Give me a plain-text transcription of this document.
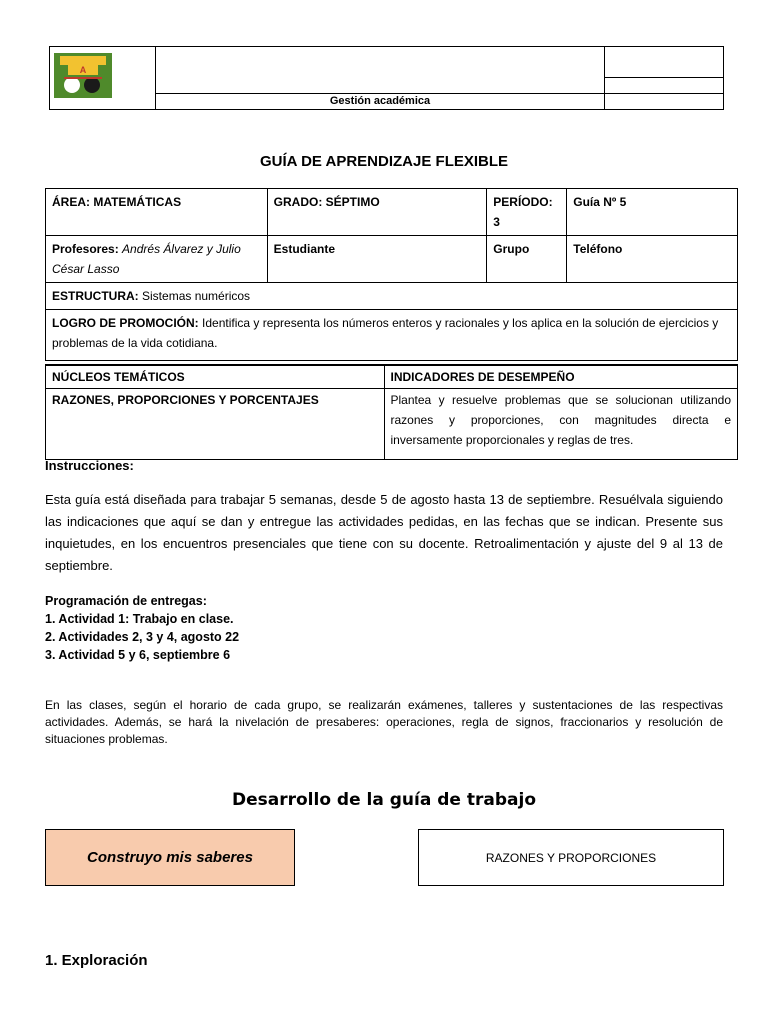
A		

	Gestión académica	
GUÍA DE APRENDIZAJE FLEXIBLE
ÁREA: MATEMÁTICAS	GRADO: SÉPTIMO	PERÍODO: 3	Guía Nº 5
Profesores: Andrés Álvarez y Julio César Lasso	Estudiante	Grupo	Teléfono
ESTRUCTURA: Sistemas numéricos			
LOGRO DE PROMOCIÓN: Identifica y representa los números enteros y racionales y los aplica en la solución de ejercicios y problemas de la vida cotidiana.			
NÚCLEOS TEMÁTICOS	INDICADORES DE DESEMPEÑO
RAZONES, PROPORCIONES Y PORCENTAJES	Plantea y resuelve problemas que se solucionan utilizando razones y proporciones, con magnitudes directa e inversamente proporcionales y reglas de tres.
Instrucciones:
Esta guía está diseñada para trabajar 5 semanas, desde 5 de agosto hasta 13 de septiembre. Resuélvala siguiendo las indicaciones que aquí se dan y entregue las actividades pedidas, en las fechas que se indican. Presente sus inquietudes, en los encuentros presenciales que tiene con su docente. Retroalimentación y ajuste del 9 al 13 de septiembre.
Programación de entregas:
1. Actividad 1: Trabajo en clase.
2. Actividades 2, 3 y 4, agosto 22
3. Actividad 5 y 6, septiembre 6
En las clases, según el horario de cada grupo, se realizarán exámenes, talleres y sustentaciones de las respectivas actividades. Además, se hará la nivelación de presaberes: operaciones, regla de signos, fraccionarios y resolución de situaciones problemas.
Desarrollo de la guía de trabajo
Construyo mis saberes	RAZONES Y PROPORCIONES
1. Exploración
